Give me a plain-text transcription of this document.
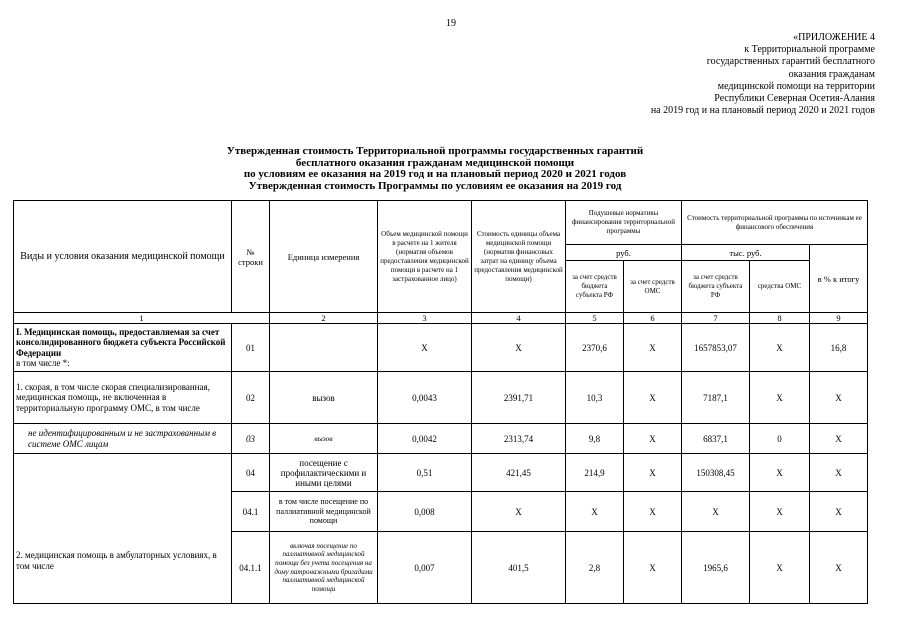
19
«ПРИЛОЖЕНИЕ 4
к Территориальной программе
государственных гарантий бесплатного
оказания гражданам
медицинской помощи на территории
Республики Северная Осетия-Алания
на 2019 год и на плановый период 2020 и 2021 годов
Утвержденная стоимость Территориальной программы государственных гарантий
бесплатного оказания гражданам медицинской помощи
по условиям ее оказания на 2019 год и на плановый период 2020 и 2021 годов
Утвержденная стоимость Программы по условиям ее оказания на 2019 год
Виды и условия оказания медицинской помощи	№ строки	Единица измерения	Объем медицинской помощи в расчете на 1 жителя (норматив объемов предоставления медицинской помощи в расчете на 1 застрахованное лицо)	Стоимость единицы объема медицинской помощи (норматив финансовых затрат на единицу объема предоставления медицинской помощи)	Подушевые нормативы финансирования территориальной программы		Стоимость территориальной программы по источникам ее финансового обеспечения		
					руб.		тыс. руб.		в % к итогу
					за счет средств бюджета субъекта РФ	за счет средств ОМС	за счет средств бюджета субъекта РФ	средства ОМС	
1		2	3	4	5	6	7	8	9
I. Медицинская помощь, предоставляемая за счет консолидированного бюджета субъекта Российской Федерации
в том числе *:	01		Х	Х	2370,6	Х	1657853,07	Х	16,8
1. скорая, в том числе скорая специализированная, медицинская помощь, не включенная в территориальную программу ОМС, в том числе	02	вызов	0,0043	2391,71	10,3	Х	7187,1	Х	Х
не идентифицированным и не застрахованным в системе ОМС лицам	03	вызов	0,0042	2313,74	9,8	Х	6837,1	0	Х
2. медицинская помощь в амбулаторных условиях, в том числе	04	посещение с профилактическими и иными целями	0,51	421,45	214,9	Х	150308,45	Х	Х
	04.1	в том числе посещение по паллиативной медицинской помощи	0,008	Х	Х	Х	Х	Х	Х
	04.1.1	включая посещение по паллиативной медицинской помощи без учета посещения на дому патронажными бригадами паллиативной медицинской помощи	0,007	401,5	2,8	Х	1965,6	Х	Х
